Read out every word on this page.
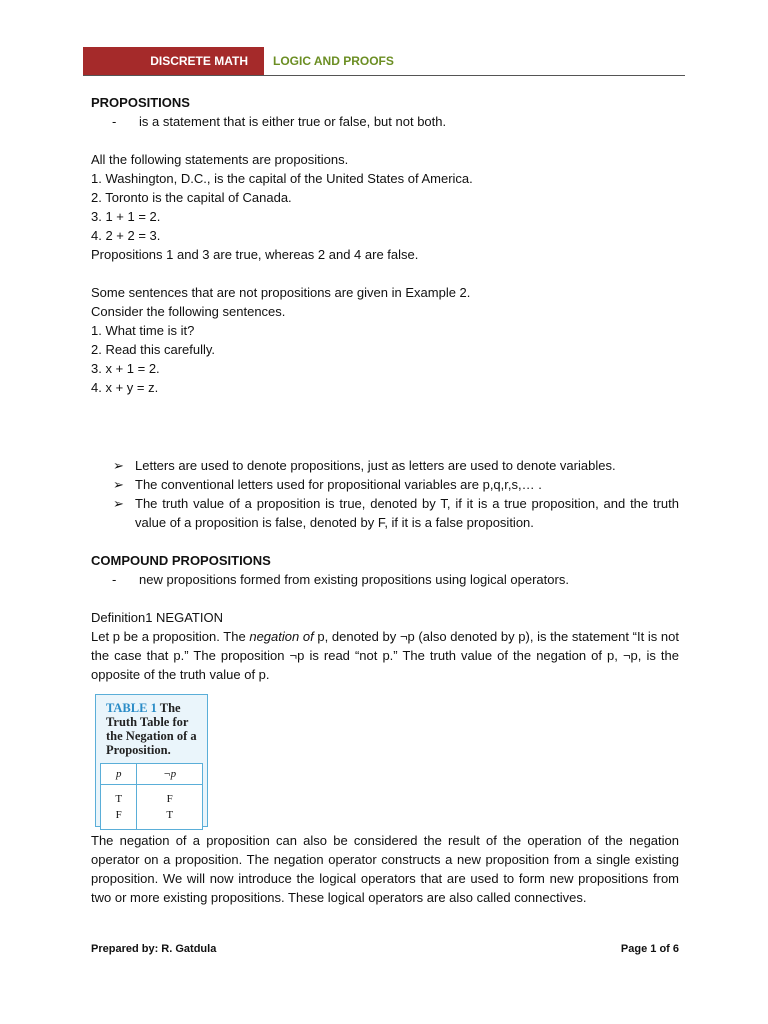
DISCRETE MATH	LOGIC AND PROOFS

PROPOSITIONS

-	is a statement that is either true or false, but not both.

All the following statements are propositions.

1. Washington, D.C., is the capital of the United States of America.

2. Toronto is the capital of Canada.

3. 1 + 1 = 2.

4. 2 + 2 = 3.

Propositions 1 and 3 are true, whereas 2 and 4 are false.

Some sentences that are not propositions are given in Example 2.

Consider the following sentences.

1. What time is it?

2. Read this carefully.

3. x + 1 = 2.

4. x + y = z.

➢ Letters are used to denote propositions, just as letters are used to denote variables.
➢ The conventional letters used for propositional variables are p,q,r,s,… .
➢ The truth value of a proposition is true, denoted by T, if it is a true proposition, and the truth value of a proposition is false, denoted by F, if it is a false proposition.

COMPOUND PROPOSITIONS

-	new propositions formed from existing propositions using logical operators.

Definition1 NEGATION

Let p be a proposition. The negation of p, denoted by ¬p (also denoted by p), is the statement “It is not the case that p.” The proposition ¬p is read “not p.” The truth value of the negation of p, ¬p, is the opposite of the truth value of p.

TABLE 1 The Truth Table for the Negation of a Proposition.
p	¬p
T	F
F	T
The negation of a proposition can also be considered the result of the operation of the negation operator on a proposition. The negation operator constructs a new proposition from a single existing proposition. We will now introduce the logical operators that are used to form new propositions from two or more existing propositions. These logical operators are also called connectives.
Prepared by: R. Gatdula	Page 1 of 6
